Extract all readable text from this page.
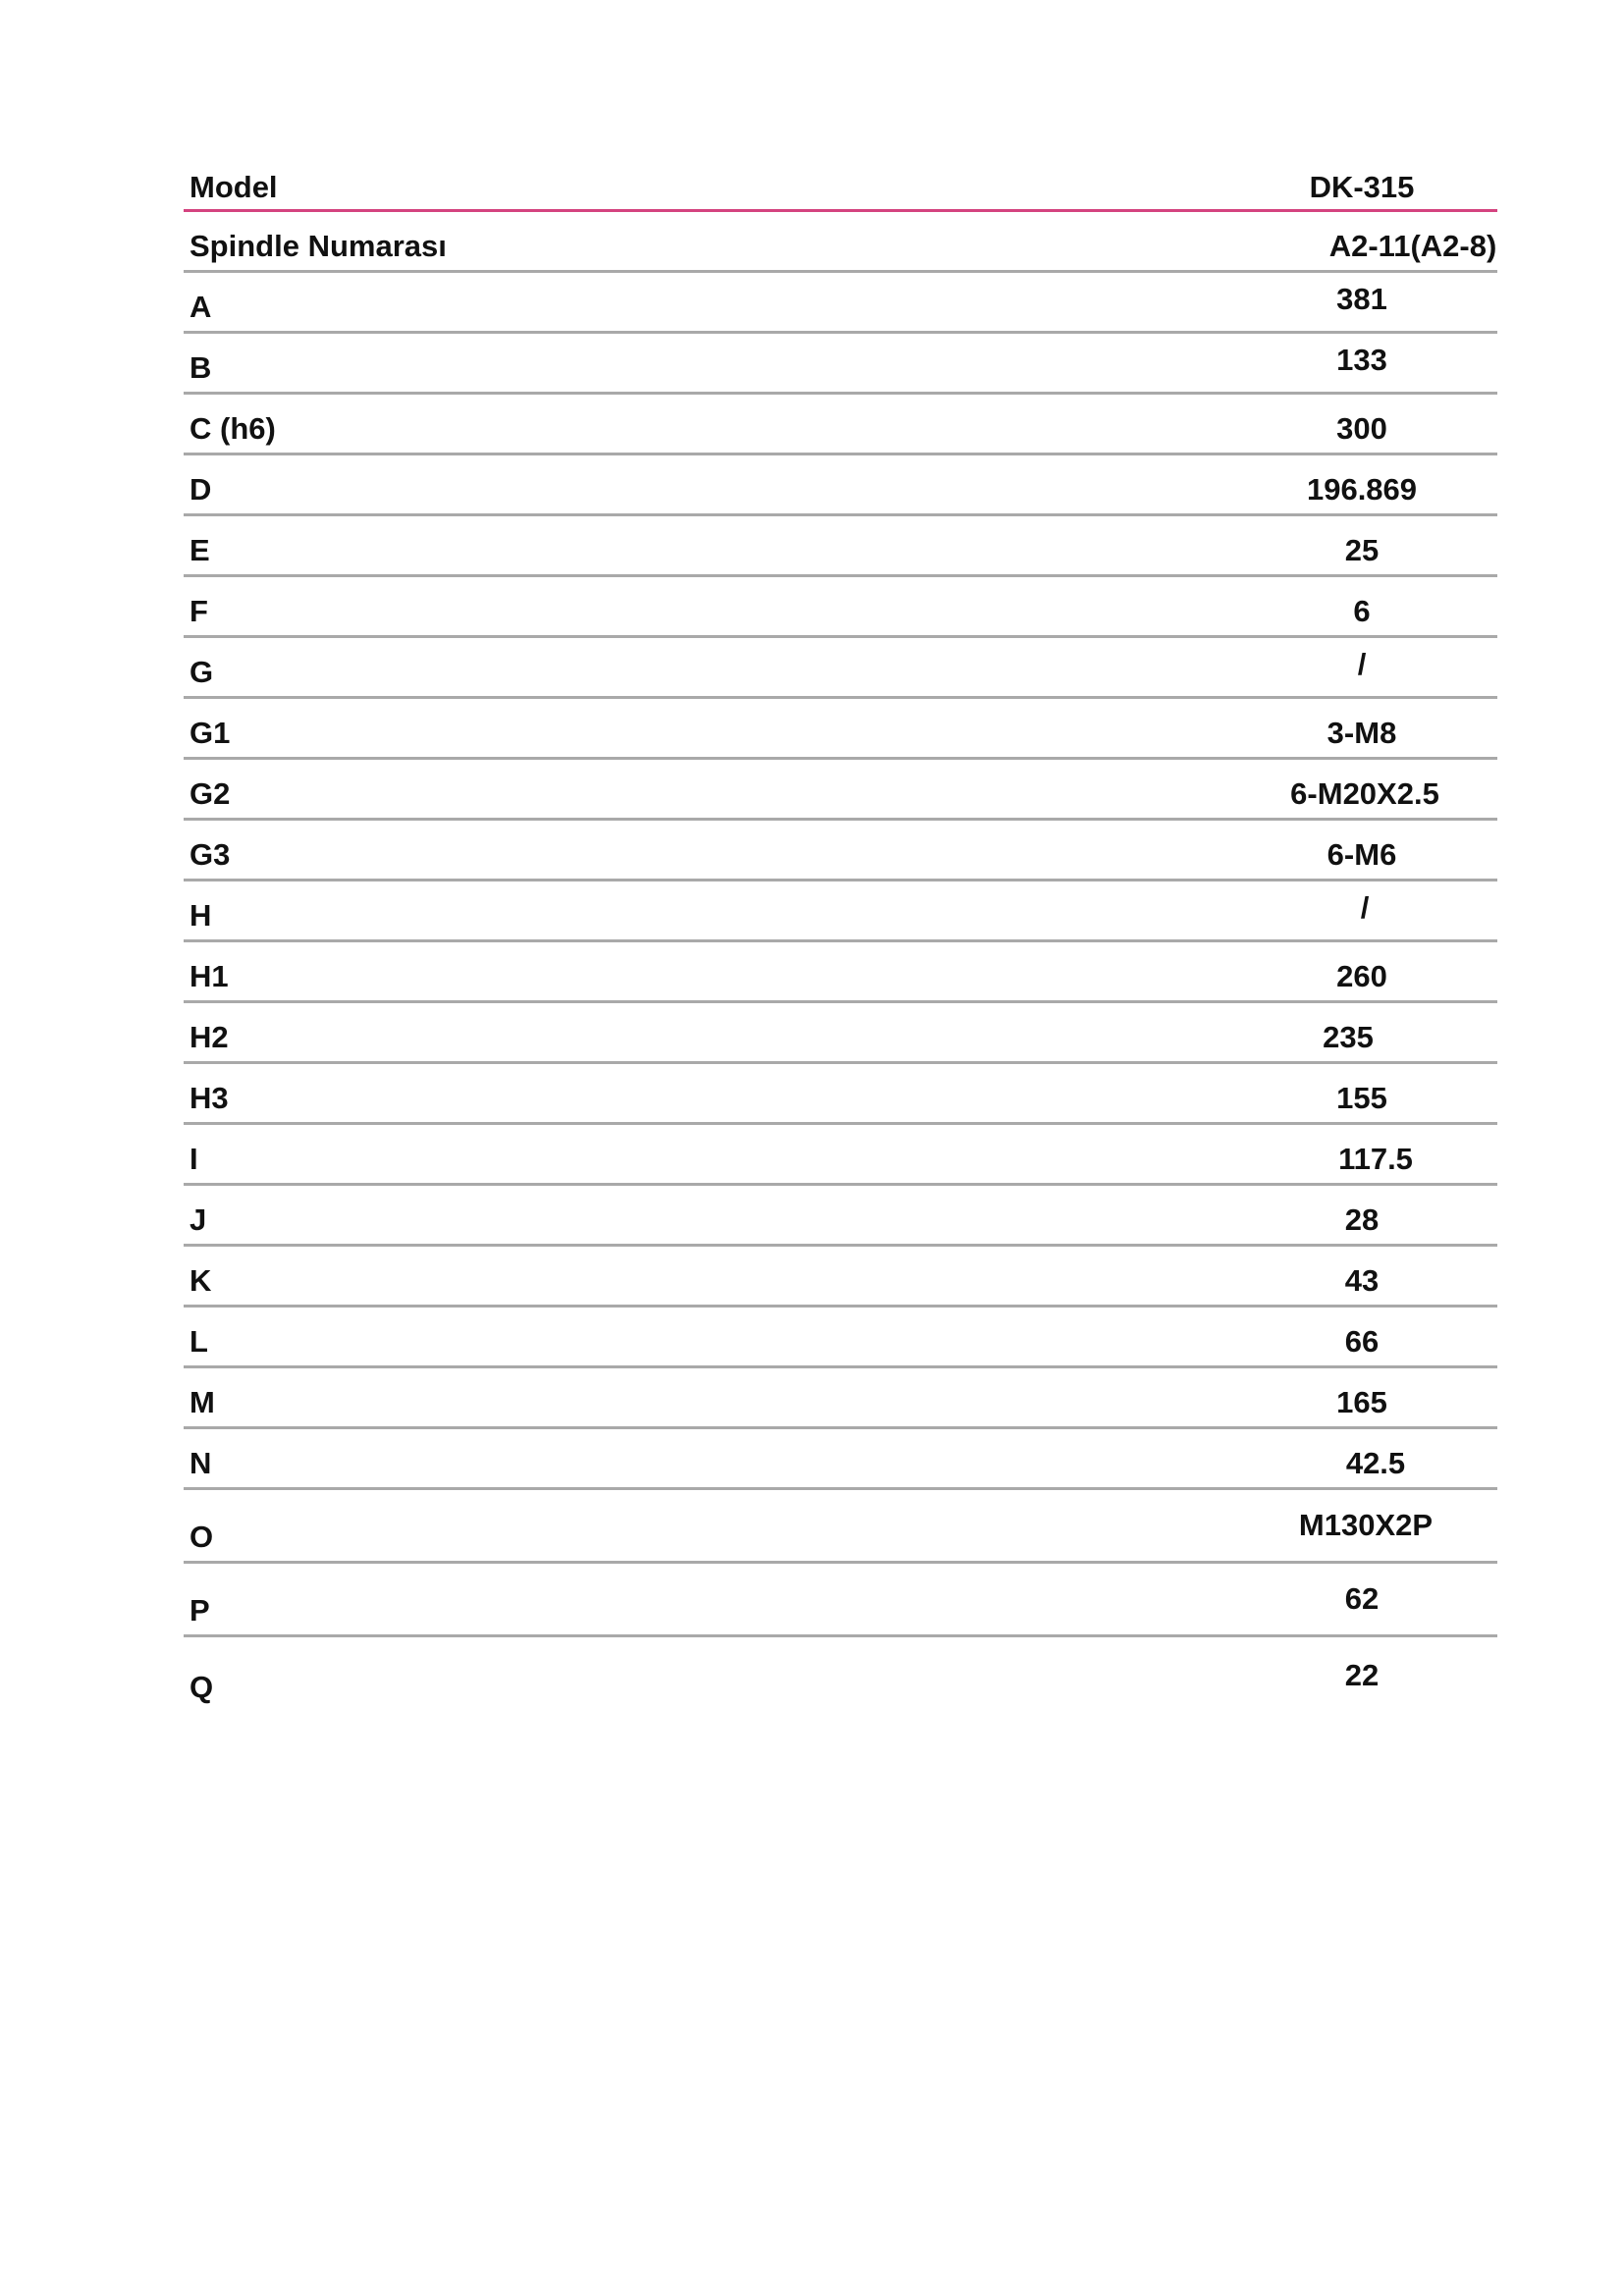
Model	DK-315
Spindle Numarası	A2-11(A2-8)
A	381
B	133
C (h6)	300
D	196.869
E	25
F	6
G	/
G1	3-M8
G2	6-M20X2.5
G3	6-M6
H	/
H1	260
H2	235
H3	155
I	117.5
J	28
K	43
L	66
M	165
N	42.5
O	M130X2P
P	62
Q	22
